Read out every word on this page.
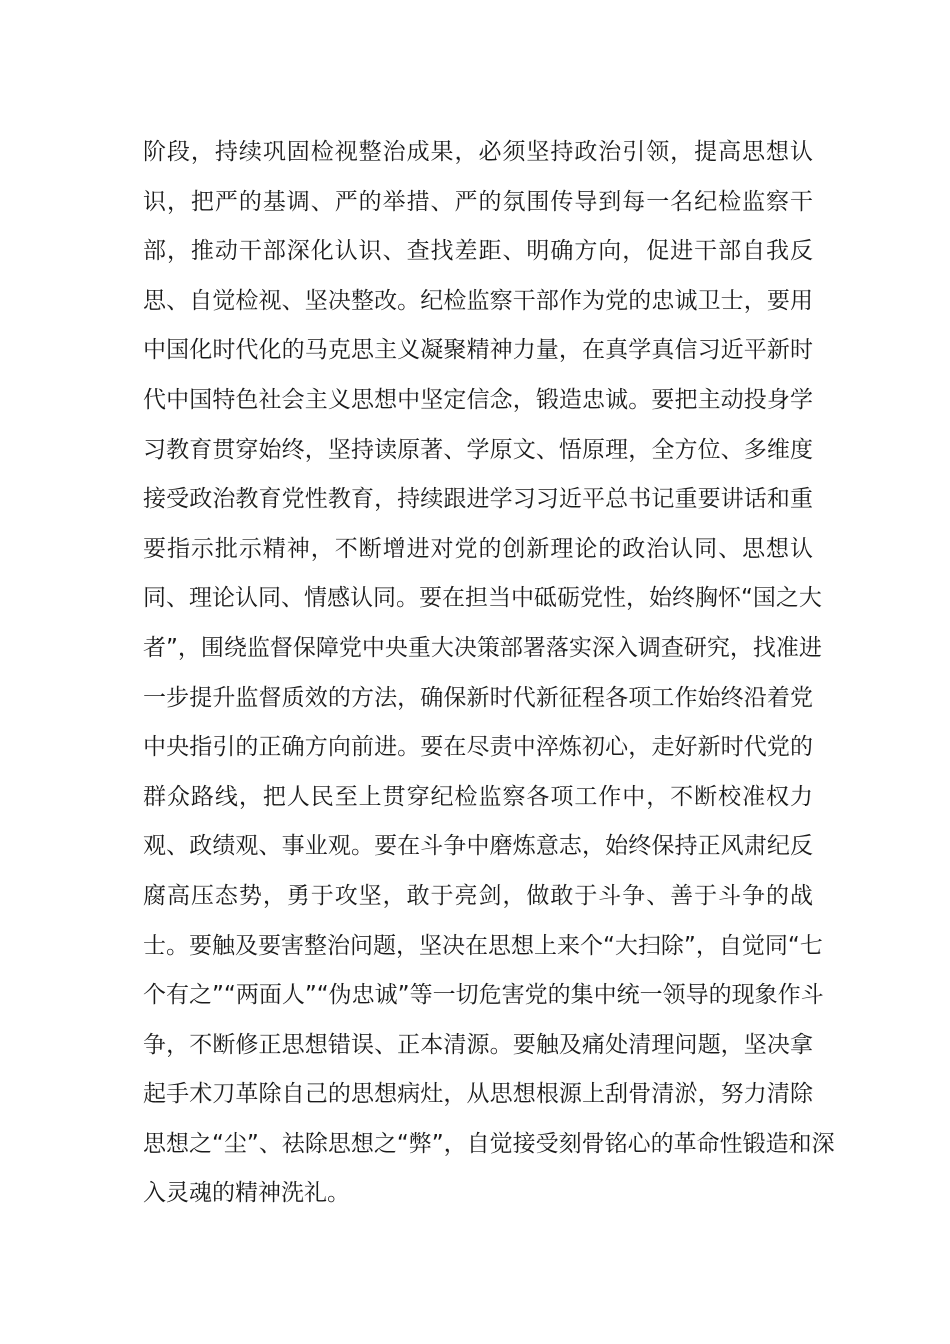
阶段，持续巩固检视整治成果，必须坚持政治引领，提高思想认
识，把严的基调、严的举措、严的氛围传导到每一名纪检监察干
部，推动干部深化认识、查找差距、明确方向，促进干部自我反
思、自觉检视、坚决整改。纪检监察干部作为党的忠诚卫士，要用
中国化时代化的马克思主义凝聚精神力量，在真学真信习近平新时
代中国特色社会主义思想中坚定信念，锻造忠诚。要把主动投身学
习教育贯穿始终，坚持读原著、学原文、悟原理，全方位、多维度
接受政治教育党性教育，持续跟进学习习近平总书记重要讲话和重
要指示批示精神，不断增进对党的创新理论的政治认同、思想认
同、理论认同、情感认同。要在担当中砥砺党性，始终胸怀“国之大
者”，围绕监督保障党中央重大决策部署落实深入调查研究，找准进
一步提升监督质效的方法，确保新时代新征程各项工作始终沿着党
中央指引的正确方向前进。要在尽责中淬炼初心，走好新时代党的
群众路线，把人民至上贯穿纪检监察各项工作中，不断校准权力
观、政绩观、事业观。要在斗争中磨炼意志，始终保持正风肃纪反
腐高压态势，勇于攻坚，敢于亮剑，做敢于斗争、善于斗争的战
士。要触及要害整治问题，坚决在思想上来个“大扫除”，自觉同“七
个有之”“两面人”“伪忠诚”等一切危害党的集中统一领导的现象作斗
争，不断修正思想错误、正本清源。要触及痛处清理问题，坚决拿
起手术刀革除自己的思想病灶，从思想根源上刮骨清淤，努力清除
思想之“尘”、祛除思想之“弊”，自觉接受刻骨铭心的革命性锻造和深
入灵魂的精神洗礼。
